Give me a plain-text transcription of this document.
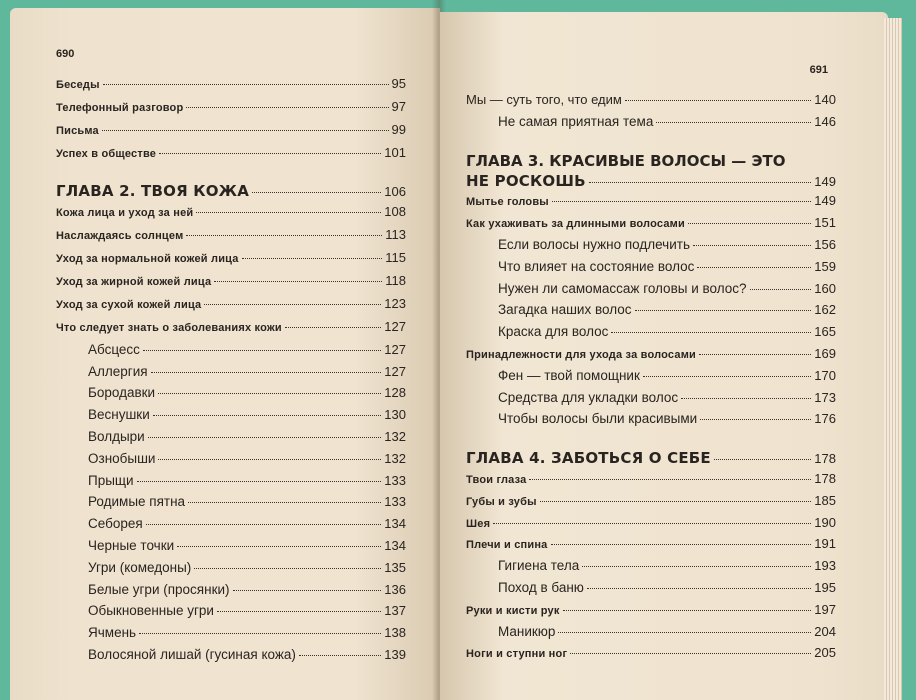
690
Беседы	95
Телефонный разговор	97
Письма	99
Успех в обществе	101
ГЛАВА 2. ТВОЯ КОЖА	106
Кожа лица и уход за ней	108
Наслаждаясь солнцем	113
Уход за нормальной кожей лица	115
Уход за жирной кожей лица	118
Уход за сухой кожей лица	123
Что следует знать о заболеваниях кожи	127
Абсцесс	127
Аллергия	127
Бородавки	128
Веснушки	130
Волдыри	132
Ознобыши	132
Прыщи	133
Родимые пятна	133
Себорея	134
Черные точки	134
Угри (комедоны)	135
Белые угри (просянки)	136
Обыкновенные угри	137
Ячмень	138
Волосяной лишай (гусиная кожа)	139
691
Мы — суть того, что едим	140
Не самая приятная тема	146
ГЛАВА 3. КРАСИВЫЕ ВОЛОСЫ — ЭТО
НЕ РОСКОШЬ	149
Мытье головы	149
Как ухаживать за длинными волосами	151
Если волосы нужно подлечить	156
Что влияет на состояние волос	159
Нужен ли самомассаж головы и волос?	160
Загадка наших волос	162
Краска для волос	165
Принадлежности для ухода за волосами	169
Фен — твой помощник	170
Средства для укладки волос	173
Чтобы волосы были красивыми	176
ГЛАВА 4. ЗАБОТЬСЯ О СЕБЕ	178
Твои глаза	178
Губы и зубы	185
Шея	190
Плечи и спина	191
Гигиена тела	193
Поход в баню	195
Руки и кисти рук	197
Маникюр	204
Ноги и ступни ног	205
